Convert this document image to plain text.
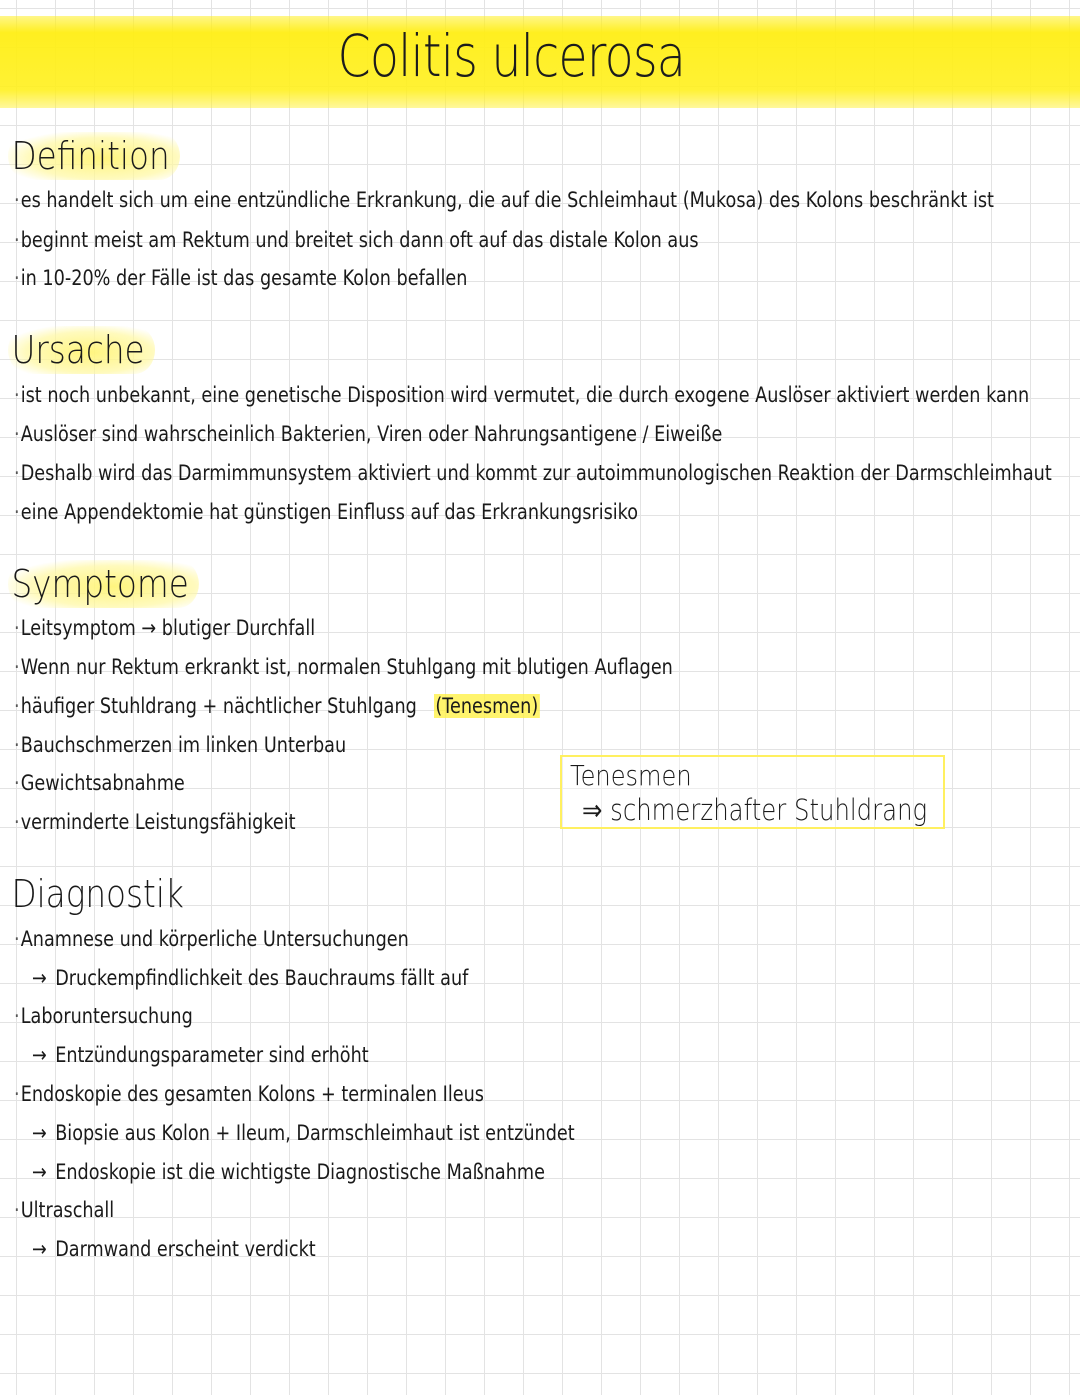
Colitis ulcerosa
Definition
· es handelt sich um eine entzündliche Erkrankung, die auf die Schleimhaut (Mukosa) des Kolons beschränkt ist
· beginnt meist am Rektum und breitet sich dann oft auf das distale Kolon aus
· in 10-20% der Fälle ist das gesamte Kolon befallen
Ursache
· ist noch unbekannt, eine genetische Disposition wird vermutet, die durch exogene Auslöser aktiviert werden kann
· Auslöser sind wahrscheinlich Bakterien, Viren oder Nahrungsantigene / Eiweiße
· Deshalb wird das Darmimmunsystem aktiviert und kommt zur autoimmunologischen Reaktion der Darmschleimhaut
· eine Appendektomie hat günstigen Einfluss auf das Erkrankungsrisiko
Symptome
· Leitsymptom → blutiger Durchfall
· Wenn nur Rektum erkrankt ist, normalen Stuhlgang mit blutigen Auflagen
· häufiger Stuhldrang + nächtlicher Stuhlgang (Tenesmen)
· Bauchschmerzen im linken Unterbau
· Gewichtsabnahme
· verminderte Leistungsfähigkeit
Tenesmen
⇒ schmerzhafter Stuhldrang
Diagnostik
· Anamnese und körperliche Untersuchungen
→ Druckempfindlichkeit des Bauchraums fällt auf
· Laboruntersuchung
→ Entzündungsparameter sind erhöht
· Endoskopie des gesamten Kolons + terminalen Ileus
→ Biopsie aus Kolon + Ileum, Darmschleimhaut ist entzündet
→ Endoskopie ist die wichtigste Diagnostische Maßnahme
· Ultraschall
→ Darmwand erscheint verdickt
